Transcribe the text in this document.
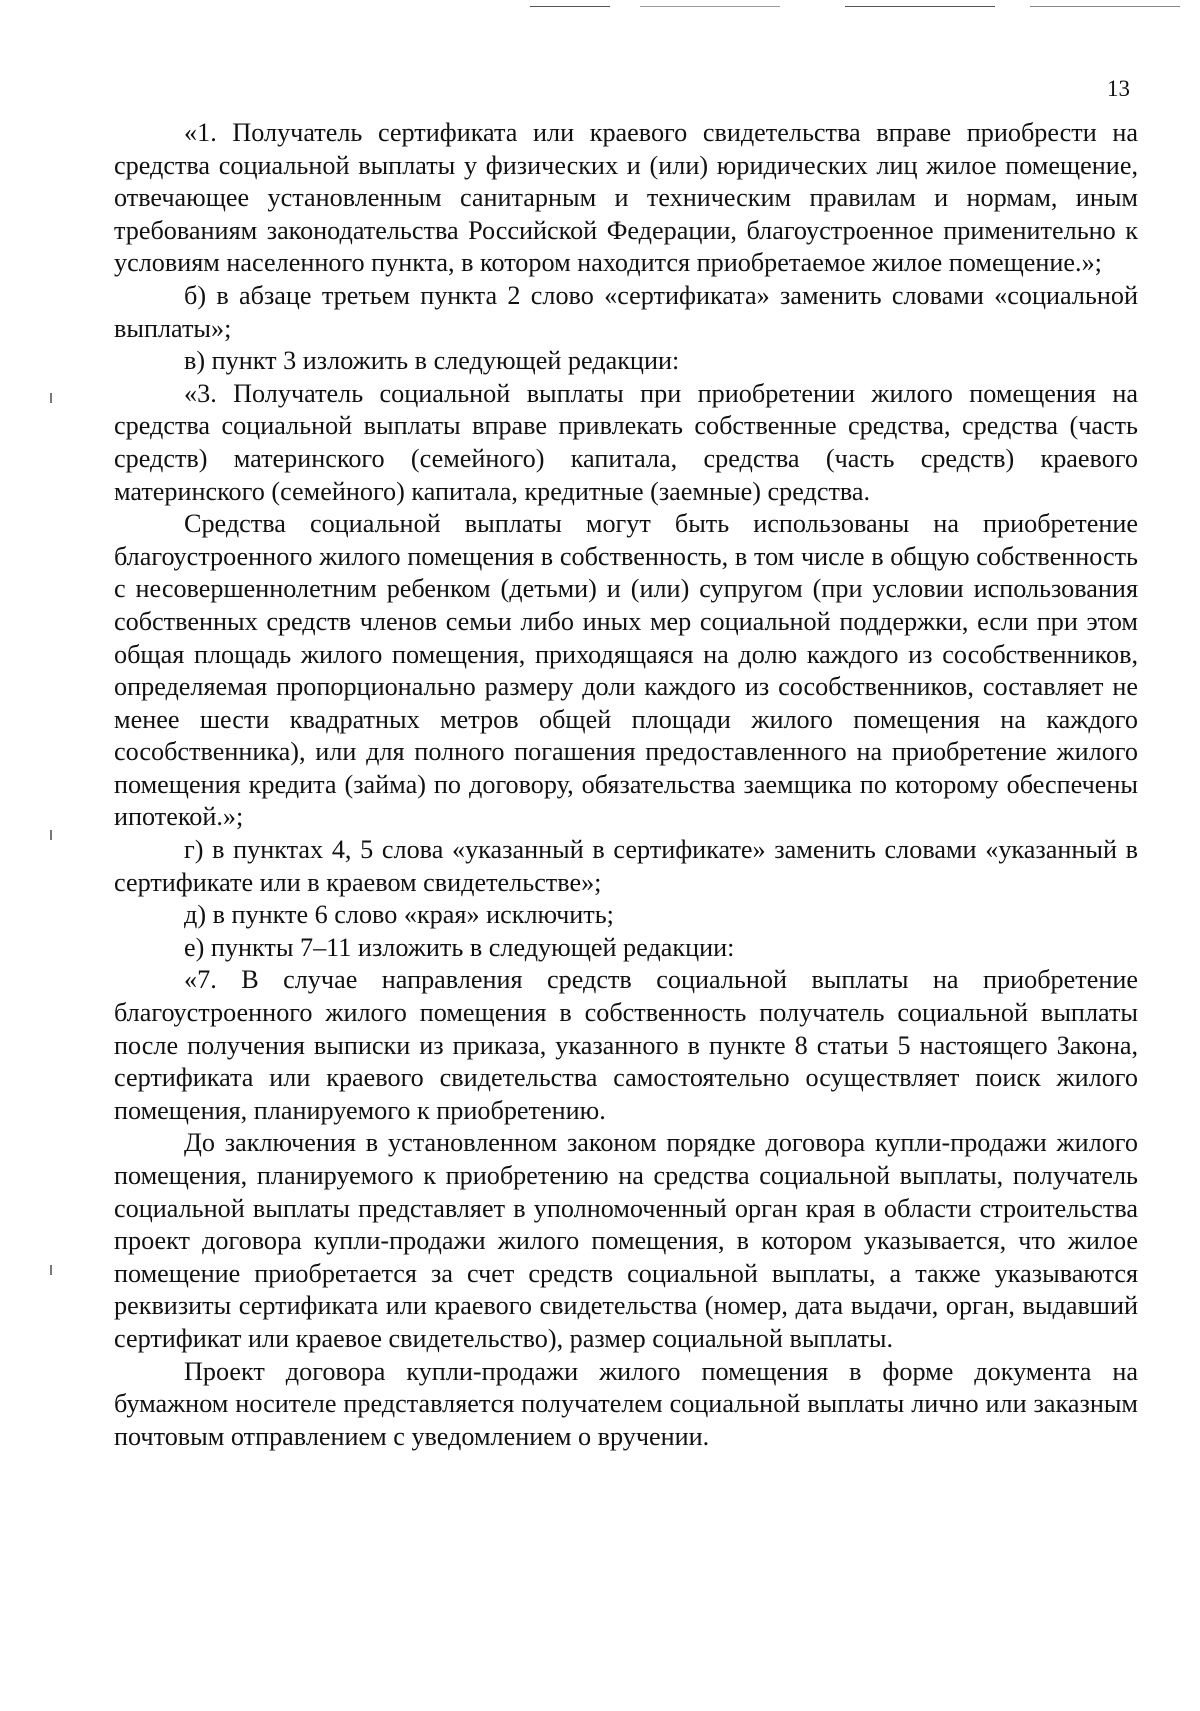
13

«1. Получатель сертификата или краевого свидетельства вправе приобрести на средства социальной выплаты у физических и (или) юридических лиц жилое помещение, отвечающее установленным санитарным и техническим правилам и нормам, иным требованиям законодательства Российской Федерации, благоустроенное применительно к условиям населенного пункта, в котором находится приобретаемое жилое помещение.»;

б) в абзаце третьем пункта 2 слово «сертификата» заменить словами «социальной выплаты»;

в) пункт 3 изложить в следующей редакции:

«3. Получатель социальной выплаты при приобретении жилого помещения на средства социальной выплаты вправе привлекать собственные средства, средства (часть средств) материнского (семейного) капитала, средства (часть средств) краевого материнского (семейного) капитала, кредитные (заемные) средства.

Средства социальной выплаты могут быть использованы на приобретение благоустроенного жилого помещения в собственность, в том числе в общую собственность с несовершеннолетним ребенком (детьми) и (или) супругом (при условии использования собственных средств членов семьи либо иных мер социальной поддержки, если при этом общая площадь жилого помещения, приходящаяся на долю каждого из сособственников, определяемая пропорционально размеру доли каждого из сособственников, составляет не менее шести квадратных метров общей площади жилого помещения на каждого сособственника), или для полного погашения предоставленного на приобретение жилого помещения кредита (займа) по договору, обязательства заемщика по которому обеспечены ипотекой.»;

г) в пунктах 4, 5 слова «указанный в сертификате» заменить словами «указанный в сертификате или в краевом свидетельстве»;

д) в пункте 6 слово «края» исключить;

е) пункты 7–11 изложить в следующей редакции:

«7. В случае направления средств социальной выплаты на приобретение благоустроенного жилого помещения в собственность получатель социальной выплаты после получения выписки из приказа, указанного в пункте 8 статьи 5 настоящего Закона, сертификата или краевого свидетельства самостоятельно осуществляет поиск жилого помещения, планируемого к приобретению.

До заключения в установленном законом порядке договора купли-продажи жилого помещения, планируемого к приобретению на средства социальной выплаты, получатель социальной выплаты представляет в уполномоченный орган края в области строительства проект договора купли-продажи жилого помещения, в котором указывается, что жилое помещение приобретается за счет средств социальной выплаты, а также указываются реквизиты сертификата или краевого свидетельства (номер, дата выдачи, орган, выдавший сертификат или краевое свидетельство), размер социальной выплаты.

Проект договора купли-продажи жилого помещения в форме документа на бумажном носителе представляется получателем социальной выплаты лично или заказным почтовым отправлением с уведомлением о вручении.
